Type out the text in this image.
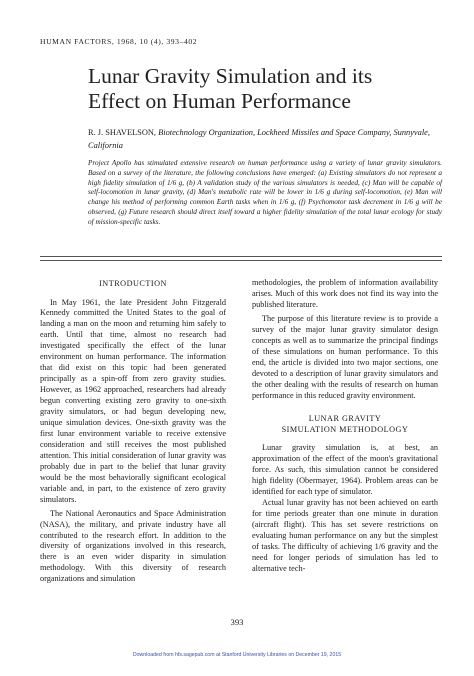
HUMAN FACTORS, 1968, 10 (4), 393–402
Lunar Gravity Simulation and its
Effect on Human Performance
R. J. SHAVELSON, Biotechnology Organization, Lockheed Missiles and Space Company, Sunnyvale, California
Project Apollo has stimulated extensive research on human performance using a variety of lunar gravity simulators. Based on a survey of the literature, the following conclusions have emerged: (a) Existing simulators do not represent a high fidelity simulation of 1/6 g, (b) A validation study of the various simulators is needed, (c) Man will be capable of self-locomotion in lunar gravity, (d) Man's metabolic rate will be lower in 1/6 g during self-locomotion, (e) Man will change his method of performing common Earth tasks when in 1/6 g, (f) Psychomotor task decrement in 1/6 g will be observed, (g) Future research should direct itself toward a higher fidelity simulation of the total lunar ecology for study of mission-specific tasks.
INTRODUCTION

In May 1961, the late President John Fitzgerald Kennedy committed the United States to the goal of landing a man on the moon and returning him safely to earth. Until that time, almost no research had investigated specifically the effect of the lunar environment on human performance. The information that did exist on this topic had been generated principally as a spin-off from zero gravity studies. However, as 1962 approached, researchers had already begun converting existing zero gravity to one-sixth gravity simulators, or had begun developing new, unique simulation devices. One-sixth gravity was the first lunar environment variable to receive extensive consideration and still receives the most published attention. This initial consideration of lunar gravity was probably due in part to the belief that lunar gravity would be the most behaviorally significant ecological variable and, in part, to the existence of zero gravity simulators.

The National Aeronautics and Space Administration (NASA), the military, and private industry have all contributed to the research effort. In addition to the diversity of organizations involved in this research, there is an even wider disparity in simulation methodology. With this diversity of research organizations and simulation

methodologies, the problem of information availability arises. Much of this work does not find its way into the published literature.

The purpose of this literature review is to provide a survey of the major lunar gravity simulator design concepts as well as to summarize the principal findings of these simulations on human performance. To this end, the article is divided into two major sections, one devoted to a description of lunar gravity simulators and the other dealing with the results of research on human performance in this reduced gravity environment.

LUNAR GRAVITY
SIMULATION METHODOLOGY

Lunar gravity simulation is, at best, an approximation of the effect of the moon's gravitational force. As such, this simulation cannot be considered high fidelity (Obermayer, 1964). Problem areas can be identified for each type of simulator.

Actual lunar gravity has not been achieved on earth for time periods greater than one minute in duration (aircraft flight). This has set severe restrictions on evaluating human performance on any but the simplest of tasks. The difficulty of achieving 1/6 gravity and the need for longer periods of simulation has led to alternative tech-

393
Downloaded from hfs.sagepub.com at Stanford University Libraries on December 19, 2015
